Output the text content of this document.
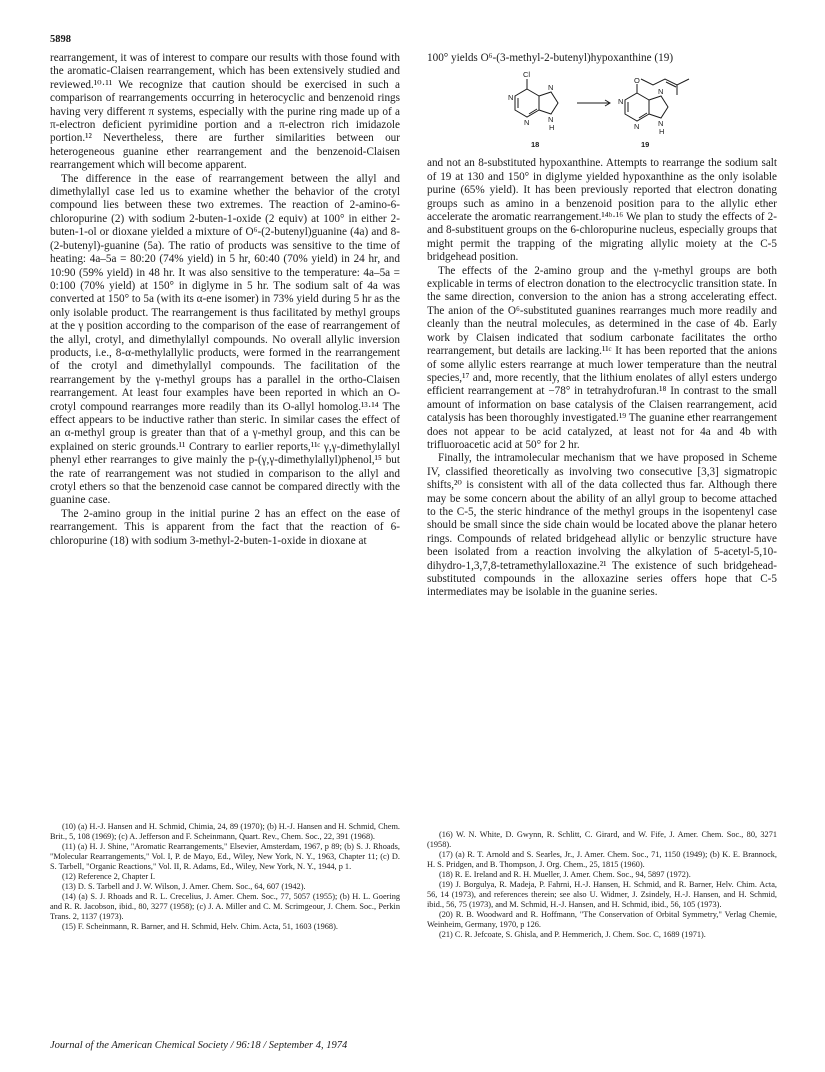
5898

rearrangement, it was of interest to compare our results with those found with the aromatic-Claisen rearrangement, which has been extensively studied and reviewed.¹⁰·¹¹ We recognize that caution should be exercised in such a comparison of rearrangements occurring in heterocyclic and benzenoid rings having very different π systems, especially with the purine ring made up of a π-electron deficient pyrimidine portion and a π-electron rich imidazole portion.¹² Nevertheless, there are further similarities between our heterogeneous guanine ether rearrangement and the benzenoid-Claisen rearrangement which will become apparent.

The difference in the ease of rearrangement between the allyl and dimethylallyl case led us to examine whether the behavior of the crotyl compound lies between these two extremes. The reaction of 2-amino-6-chloropurine (2) with sodium 2-buten-1-oxide (2 equiv) at 100° in either 2-buten-1-ol or dioxane yielded a mixture of O⁶-(2-butenyl)guanine (4a) and 8-(2-butenyl)-guanine (5a). The ratio of products was sensitive to the time of heating: 4a–5a = 80:20 (74% yield) in 5 hr, 60:40 (70% yield) in 24 hr, and 10:90 (59% yield) in 48 hr. It was also sensitive to the temperature: 4a–5a = 0:100 (70% yield) at 150° in diglyme in 5 hr. The sodium salt of 4a was converted at 150° to 5a (with its α-ene isomer) in 73% yield during 5 hr as the only isolable product. The rearrangement is thus facilitated by methyl groups at the γ position according to the comparison of the ease of rearrangement of the allyl, crotyl, and dimethylallyl compounds. No overall allylic inversion products, i.e., 8-α-methylallylic products, were formed in the rearrangement of the crotyl and dimethylallyl compounds. The facilitation of the rearrangement by the γ-methyl groups has a parallel in the ortho-Claisen rearrangement. At least four examples have been reported in which an O-crotyl compound rearranges more readily than its O-allyl homolog.¹³·¹⁴ The effect appears to be inductive rather than steric. In similar cases the effect of an α-methyl group is greater than that of a γ-methyl group, and this can be explained on steric grounds.¹¹ Contrary to earlier reports,¹¹ᶜ γ,γ-dimethylallyl phenyl ether rearranges to give mainly the p-(γ,γ-dimethylallyl)phenol,¹⁵ but the rate of rearrangement was not studied in comparison to the allyl and crotyl ethers so that the benzenoid case cannot be compared directly with the guanine case.

The 2-amino group in the initial purine 2 has an effect on the ease of rearrangement. This is apparent from the fact that the reaction of 6-chloropurine (18) with sodium 3-methyl-2-buten-1-oxide in dioxane at

100° yields O⁶-(3-methyl-2-butenyl)hypoxanthine (19)

Cl
N
N
N
N
H
O
N
N
N
N
H
18	19

and not an 8-substituted hypoxanthine. Attempts to rearrange the sodium salt of 19 at 130 and 150° in diglyme yielded hypoxanthine as the only isolable purine (65% yield). It has been previously reported that electron donating groups such as amino in a benzenoid position para to the allylic ether accelerate the aromatic rearrangement.¹⁴ᵇ·¹⁶ We plan to study the effects of 2- and 8-substituent groups on the 6-chloropurine nucleus, especially groups that might permit the trapping of the migrating allylic moiety at the C-5 bridgehead position.

The effects of the 2-amino group and the γ-methyl groups are both explicable in terms of electron donation to the electrocyclic transition state. In the same direction, conversion to the anion has a strong accelerating effect. The anion of the O⁶-substituted guanines rearranges much more readily and cleanly than the neutral molecules, as determined in the case of 4b. Early work by Claisen indicated that sodium carbonate facilitates the ortho rearrangement, but details are lacking.¹¹ᶜ It has been reported that the anions of some allylic esters rearrange at much lower temperature than the neutral species,¹⁷ and, more recently, that the lithium enolates of allyl esters undergo efficient rearrangement at −78° in tetrahydrofuran.¹⁸ In contrast to the small amount of information on base catalysis of the Claisen rearrangement, acid catalysis has been thoroughly investigated.¹⁹ The guanine ether rearrangement does not appear to be acid catalyzed, at least not for 4a and 4b with trifluoroacetic acid at 50° for 2 hr.

Finally, the intramolecular mechanism that we have proposed in Scheme IV, classified theoretically as involving two consecutive [3,3] sigmatropic shifts,²⁰ is consistent with all of the data collected thus far. Although there may be some concern about the ability of an allyl group to become attached to the C-5, the steric hindrance of the methyl groups in the isopentenyl case should be small since the side chain would be located above the planar hetero rings. Compounds of related bridgehead allylic or benzylic structure have been isolated from a reaction involving the alkylation of 5-acetyl-5,10-dihydro-1,3,7,8-tetramethylalloxazine.²¹ The existence of such bridgehead-substituted compounds in the alloxazine series offers hope that C-5 intermediates may be isolable in the guanine series.

(10) (a) H.-J. Hansen and H. Schmid, Chimia, 24, 89 (1970); (b) H.-J. Hansen and H. Schmid, Chem. Brit., 5, 108 (1969); (c) A. Jefferson and F. Scheinmann, Quart. Rev., Chem. Soc., 22, 391 (1968).

(11) (a) H. J. Shine, "Aromatic Rearrangements," Elsevier, Amsterdam, 1967, p 89; (b) S. J. Rhoads, "Molecular Rearrangements," Vol. I, P. de Mayo, Ed., Wiley, New York, N. Y., 1963, Chapter 11; (c) D. S. Tarbell, "Organic Reactions," Vol. II, R. Adams, Ed., Wiley, New York, N. Y., 1944, p 1.

(12) Reference 2, Chapter I.

(13) D. S. Tarbell and J. W. Wilson, J. Amer. Chem. Soc., 64, 607 (1942).

(14) (a) S. J. Rhoads and R. L. Crecelius, J. Amer. Chem. Soc., 77, 5057 (1955); (b) H. L. Goering and R. R. Jacobson, ibid., 80, 3277 (1958); (c) J. A. Miller and C. M. Scrimgeour, J. Chem. Soc., Perkin Trans. 2, 1137 (1973).

(15) F. Scheinmann, R. Barner, and H. Schmid, Helv. Chim. Acta, 51, 1603 (1968).

(16) W. N. White, D. Gwynn, R. Schlitt, C. Girard, and W. Fife, J. Amer. Chem. Soc., 80, 3271 (1958).

(17) (a) R. T. Arnold and S. Searles, Jr., J. Amer. Chem. Soc., 71, 1150 (1949); (b) K. E. Brannock, H. S. Pridgen, and B. Thompson, J. Org. Chem., 25, 1815 (1960).

(18) R. E. Ireland and R. H. Mueller, J. Amer. Chem. Soc., 94, 5897 (1972).

(19) J. Borgulya, R. Madeja, P. Fahrni, H.-J. Hansen, H. Schmid, and R. Barner, Helv. Chim. Acta, 56, 14 (1973), and references therein; see also U. Widmer, J. Zsindely, H.-J. Hansen, and H. Schmid, ibid., 56, 75 (1973), and M. Schmid, H.-J. Hansen, and H. Schmid, ibid., 56, 105 (1973).

(20) R. B. Woodward and R. Hoffmann, "The Conservation of Orbital Symmetry," Verlag Chemie, Weinheim, Germany, 1970, p 126.

(21) C. R. Jefcoate, S. Ghisla, and P. Hemmerich, J. Chem. Soc. C, 1689 (1971).

Journal of the American Chemical Society / 96:18 / September 4, 1974
